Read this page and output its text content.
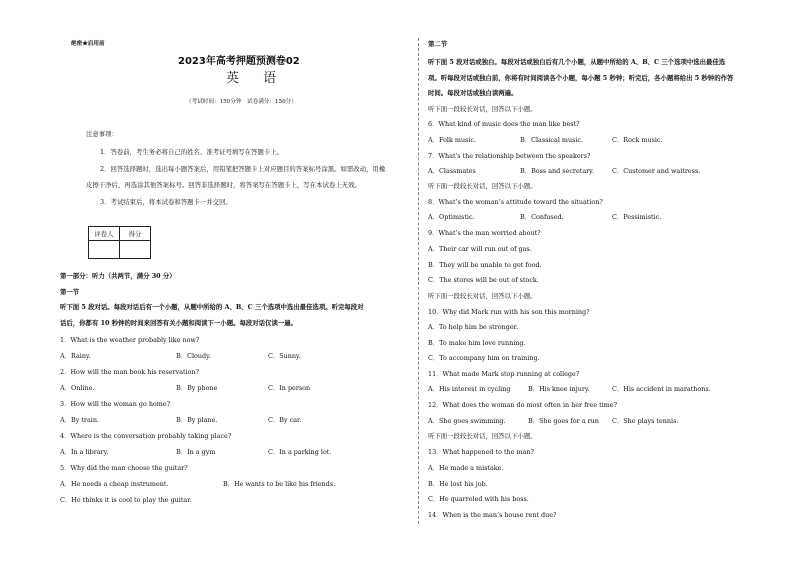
绝密★启用前
2023年高考押题预测卷02
英 语
（考试时间：150分钟　试卷满分：150分）
注意事项：
1．答卷前，考生务必将自己的姓名、准考证号填写在答题卡上。
2．回答选择题时，选出每小题答案后，用铅笔把答题卡上对应题目的答案标号涂黑。如需改动，用橡
皮擦干净后，再选涂其他答案标号。回答非选择题时，将答案写在答题卡上，写在本试卷上无效。
3．考试结束后，将本试卷和答题卡一并交回。
评卷人	得分

第一部分：听力（共两节，满分 30 分）
第一节
听下面 5 段对话。每段对话后有一个小题，从题中所给的 A、B、C 三个选项中选出最佳选项。听完每段对
话后，你都有 10 秒钟的时间来回答有关小题和阅读下一小题。每段对话仅读一遍。
1．What is the weather probably like now?
A．Rainy.	B．Cloudy.	C．Sunny.
2．How will the man book his reservation?
A．Online.	B．By phone	C．In person
3．How will the woman go home?
A．By train.	B．By plane.	C．By car.
4．Where is the conversation probably taking place?
A．In a library.	B．In a gym	C．In a parking lot.
5．Why did the man choose the guitar?
A．He needs a cheap instrument.	B．He wants to be like his friends.
C．He thinks it is cool to play the guitar.
第二节
听下面 5 段对话或独白。每段对话或独白后有几个小题，从题中所给的 A、B、C 三个选项中选出最佳选
项。听每段对话或独白前，你将有时间阅读各个小题，每小题 5 秒钟；听完后，各小题将给出 5 秒钟的作答
时间。每段对话或独白读两遍。
听下面一段较长对话，回答以下小题。
6．What kind of music does the man like best?
A．Folk music.	B．Classical music.	C．Rock music.
7．What's the relationship between the speakers?
A．Classmates	B．Boss and secretary.	C．Customer and waitress.
听下面一段较长对话，回答以下小题。
8．What’s the woman’s attitude toward the situation?
A．Optimistic.	B．Confused.	C．Pessimistic.
9．What’s the man worried about?
A．Their car will run out of gas.
B．They will be unable to get food.
C．The stores will be out of stock.
听下面一段较长对话，回答以下小题。
10．Why did Mark run with his son this morning?
A．To help him be stronger.
B．To make him love running.
C．To accompany him on training.
11．What made Mark stop running at college?
A．His interest in cycling	B．His knee injury.	C．His accident in marathons.
12．What does the woman do most often in her free time?
A．She goes swimming.	B．She goes for a run C．She plays tennis.
听下面一段较长对话，回答以下小题。
13．What happened to the man?
A．He made a mistake.
B．He lost his job.
C．He quarreled with his boss.
14．When is the man’s house rent due?
